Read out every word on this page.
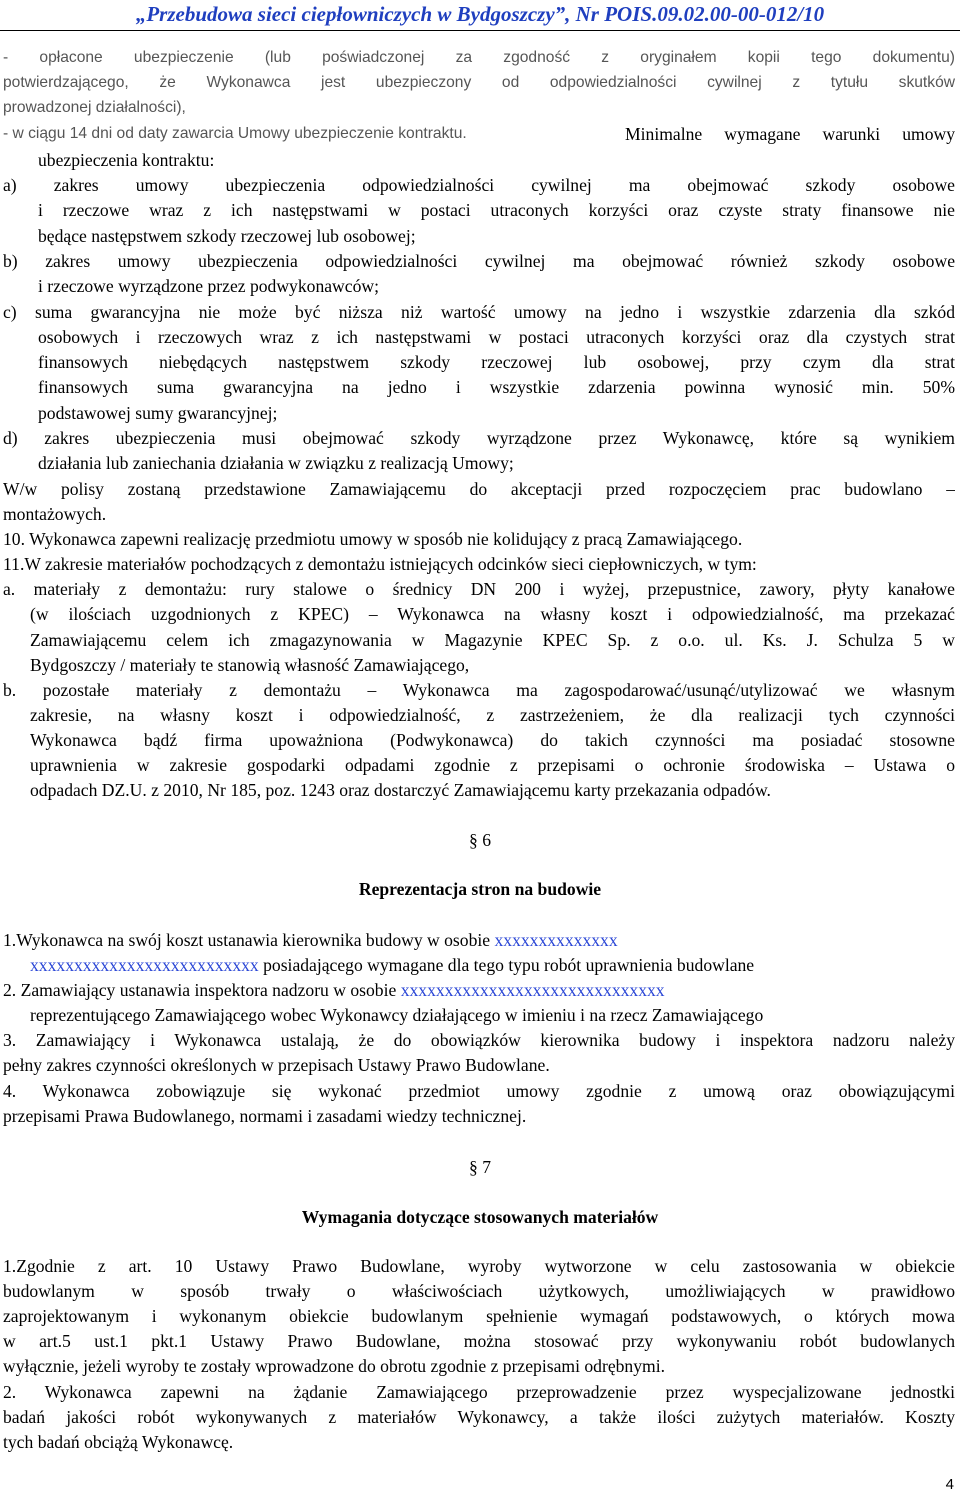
„Przebudowa sieci ciepłowniczych w Bydgoszczy”, Nr POIS.09.02.00-00-012/10
- opłacone ubezpieczenie (lub poświadczonej za zgodność z oryginałem kopii tego dokumentu)
potwierdzającego, że Wykonawca jest ubezpieczony od odpowiedzialności cywilnej z tytułu skutków
prowadzonej działalności),
- w ciągu 14 dni od daty zawarcia Umowy ubezpieczenie kontraktu.	Minimalne wymagane warunki umowy
ubezpieczenia kontraktu:
a) zakres umowy ubezpieczenia odpowiedzialności cywilnej ma obejmować szkody osobowe
i rzeczowe wraz z ich następstwami w postaci utraconych korzyści oraz czyste straty finansowe nie
będące następstwem szkody rzeczowej lub osobowej;
b) zakres umowy ubezpieczenia odpowiedzialności cywilnej ma obejmować również szkody osobowe
i rzeczowe wyrządzone przez podwykonawców;
c) suma gwarancyjna nie może być niższa niż wartość umowy na jedno i wszystkie zdarzenia dla szkód
osobowych i rzeczowych wraz z ich następstwami w postaci utraconych korzyści oraz dla czystych strat
finansowych niebędących następstwem szkody rzeczowej lub osobowej, przy czym dla strat
finansowych suma gwarancyjna na jedno i wszystkie zdarzenia powinna wynosić min. 50%
podstawowej sumy gwarancyjnej;
d) zakres ubezpieczenia musi obejmować szkody wyrządzone przez Wykonawcę, które są wynikiem
działania lub zaniechania działania w związku z realizacją Umowy;
W/w polisy zostaną przedstawione Zamawiającemu do akceptacji przed rozpoczęciem prac budowlano –
montażowych.
10. Wykonawca zapewni realizację przedmiotu umowy w sposób nie kolidujący z pracą Zamawiającego.
11.W zakresie materiałów pochodzących z demontażu istniejących odcinków sieci ciepłowniczych, w tym:
a. materiały z demontażu: rury stalowe o średnicy DN 200 i wyżej, przepustnice, zawory, płyty kanałowe
(w ilościach uzgodnionych z KPEC) – Wykonawca na własny koszt i odpowiedzialność, ma przekazać
Zamawiającemu celem ich zmagazynowania w Magazynie KPEC Sp. z o.o. ul. Ks. J. Schulza 5 w
Bydgoszczy / materiały te stanowią własność Zamawiającego,
b. pozostałe materiały z demontażu – Wykonawca ma zagospodarować/usunąć/utylizować we własnym
zakresie, na własny koszt i odpowiedzialność, z zastrzeżeniem, że dla realizacji tych czynności
Wykonawca bądź firma upoważniona (Podwykonawca) do takich czynności ma posiadać stosowne
uprawnienia w zakresie gospodarki odpadami zgodnie z przepisami o ochronie środowiska – Ustawa o
odpadach DZ.U. z 2010, Nr 185, poz. 1243 oraz dostarczyć Zamawiającemu karty przekazania odpadów.
§ 6
Reprezentacja stron na budowie
1.Wykonawca na swój koszt ustanawia kierownika budowy w osobie xxxxxxxxxxxxxx
xxxxxxxxxxxxxxxxxxxxxxxxxx posiadającego wymagane dla tego typu robót uprawnienia budowlane
2. Zamawiający ustanawia inspektora nadzoru w osobie xxxxxxxxxxxxxxxxxxxxxxxxxxxxxx
reprezentującego Zamawiającego wobec Wykonawcy działającego w imieniu i na rzecz Zamawiającego
3. Zamawiający i Wykonawca ustalają, że do obowiązków kierownika budowy i inspektora nadzoru należy
pełny zakres czynności określonych w przepisach Ustawy Prawo Budowlane.
4. Wykonawca zobowiązuje się wykonać przedmiot umowy zgodnie z umową oraz obowiązującymi
przepisami Prawa Budowlanego, normami i zasadami wiedzy technicznej.
§ 7
Wymagania dotyczące stosowanych materiałów
1.Zgodnie z art. 10 Ustawy Prawo Budowlane, wyroby wytworzone w celu zastosowania w obiekcie
budowlanym w sposób trwały o właściwościach użytkowych, umożliwiających w prawidłowo
zaprojektowanym i wykonanym obiekcie budowlanym spełnienie wymagań podstawowych, o których mowa
w art.5 ust.1 pkt.1 Ustawy Prawo Budowlane, można stosować przy wykonywaniu robót budowlanych
wyłącznie, jeżeli wyroby te zostały wprowadzone do obrotu zgodnie z przepisami odrębnymi.
2. Wykonawca zapewni na żądanie Zamawiającego przeprowadzenie przez wyspecjalizowane jednostki
badań jakości robót wykonywanych z materiałów Wykonawcy, a także ilości zużytych materiałów. Koszty
tych badań obciążą Wykonawcę.
4
